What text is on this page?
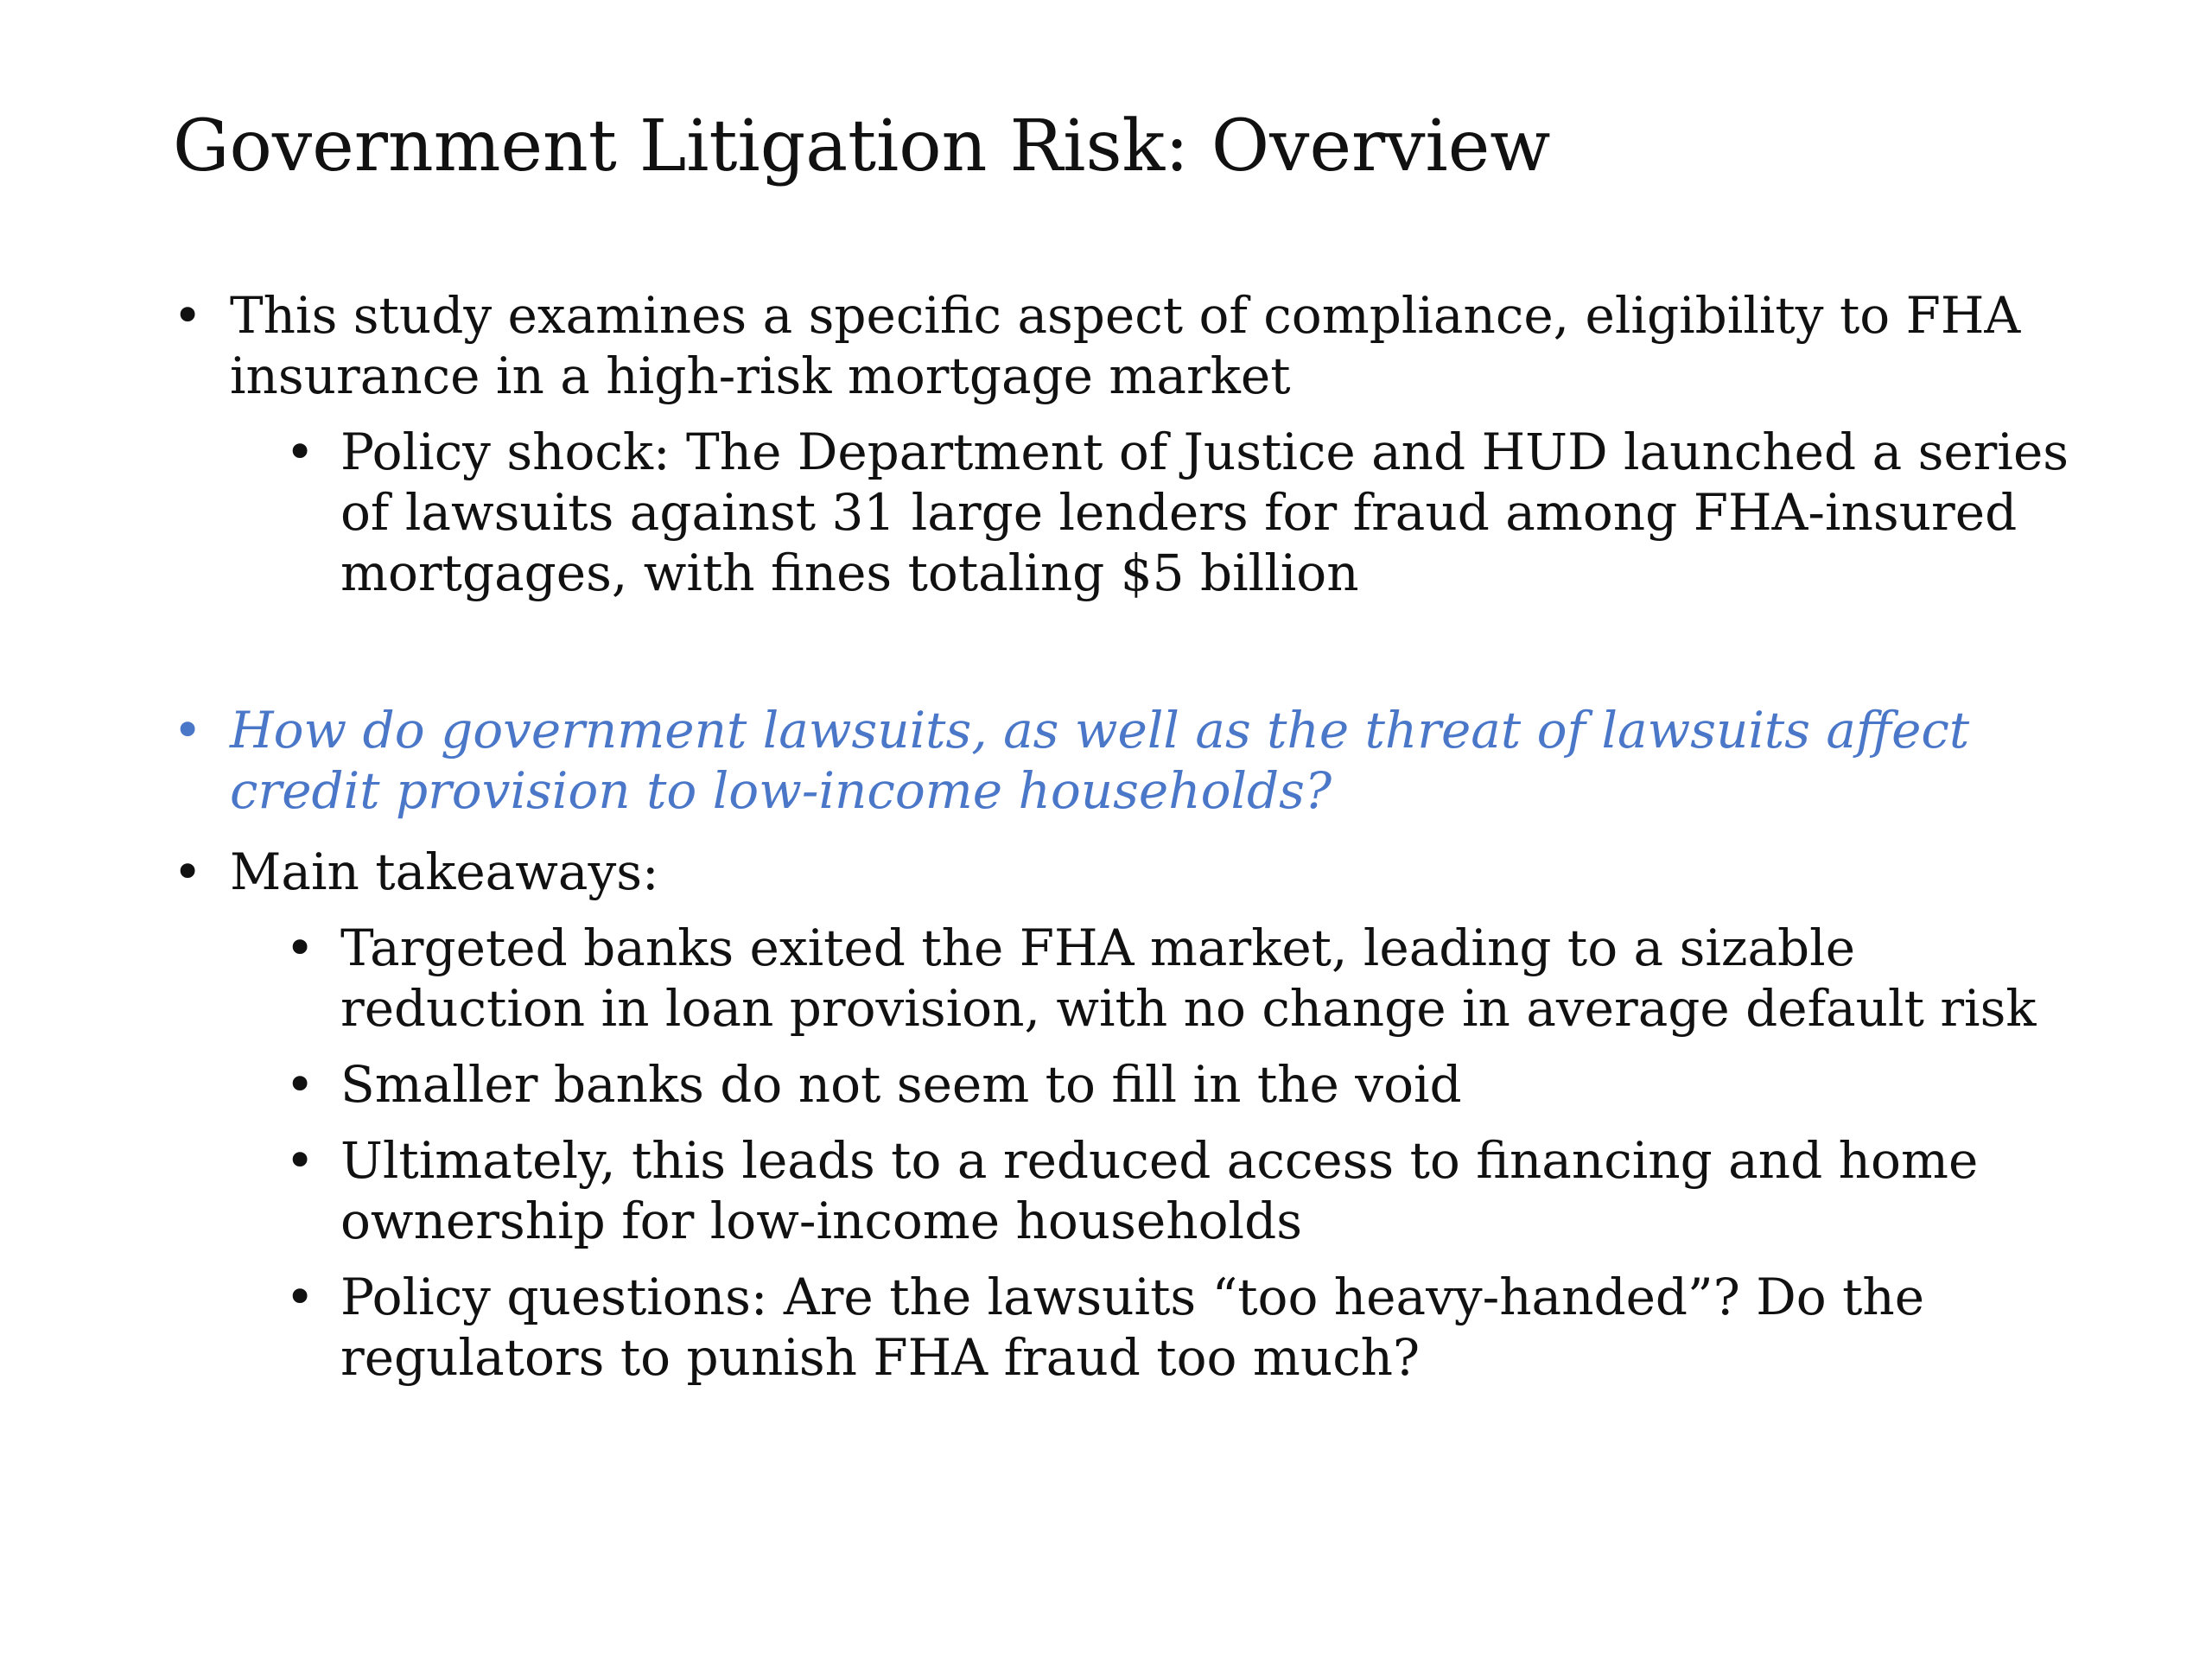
Government Litigation Risk: Overview

• This study examines a specific aspect of compliance, eligibility to FHA insurance in a high-risk mortgage market

• Policy shock: The Department of Justice and HUD launched a series of lawsuits against 31 large lenders for fraud among FHA-insured mortgages, with fines totaling $5 billion

• How do government lawsuits, as well as the threat of lawsuits affect credit provision to low-income households?

• Main takeaways:

• Targeted banks exited the FHA market, leading to a sizable reduction in loan provision, with no change in average default risk

• Smaller banks do not seem to fill in the void

• Ultimately, this leads to a reduced access to financing and home ownership for low-income households

• Policy questions: Are the lawsuits “too heavy-handed”? Do the regulators to punish FHA fraud too much?
